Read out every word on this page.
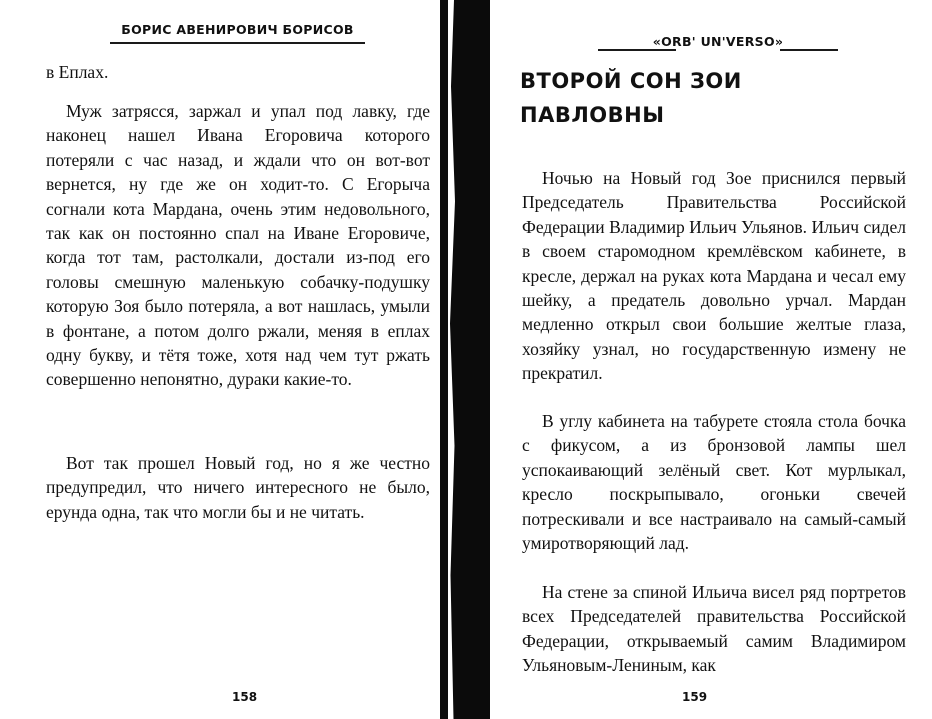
БОРИС АВЕНИРОВИЧ БОРИСОВ
в Еплах.
Муж затрясся, заржал и упал под лавку, где наконец нашел Ивана Егоровича которого потеряли с час назад, и ждали что он вот-вот вернется, ну где же он ходит-то. С Егорыча согнали кота Мардана, очень этим недовольного, так как он постоянно спал на Иване Егоровиче, когда тот там, растолкали, достали из-под его головы смешную маленькую собачку-подушку которую Зоя было потеряла, а вот нашлась, умыли в фонтане, а потом долго ржали, меняя в еплах одну букву, и тётя тоже, хотя над чем тут ржать совершенно непонятно, дураки какие-то.
Вот так прошел Новый год, но я же честно предупредил, что ничего интересного не было, ерунда одна, так что могли бы и не читать.
158
«ORB' UN'VERSO»
ВТОРОЙ СОН ЗОИ ПАВЛОВНЫ
Ночью на Новый год Зое приснился первый Председатель Правительства Российской Федерации Владимир Ильич Ульянов. Ильич сидел в своем старомодном кремлёвском кабинете, в кресле, держал на руках кота Мардана и чесал ему шейку, а предатель довольно урчал. Мардан медленно открыл свои большие желтые глаза, хозяйку узнал, но государственную измену не прекратил.
В углу кабинета на табурете стояла стола бочка с фикусом, а из бронзовой лампы шел успокаивающий зелёный свет. Кот мурлыкал, кресло поскрыпывало, огоньки свечей потрескивали и все настраивало на самый-самый умиротворяющий лад.
На стене за спиной Ильича висел ряд портретов всех Председателей правительства Российской Федерации, открываемый самим Владимиром Ульяновым-Лениным, как
159
